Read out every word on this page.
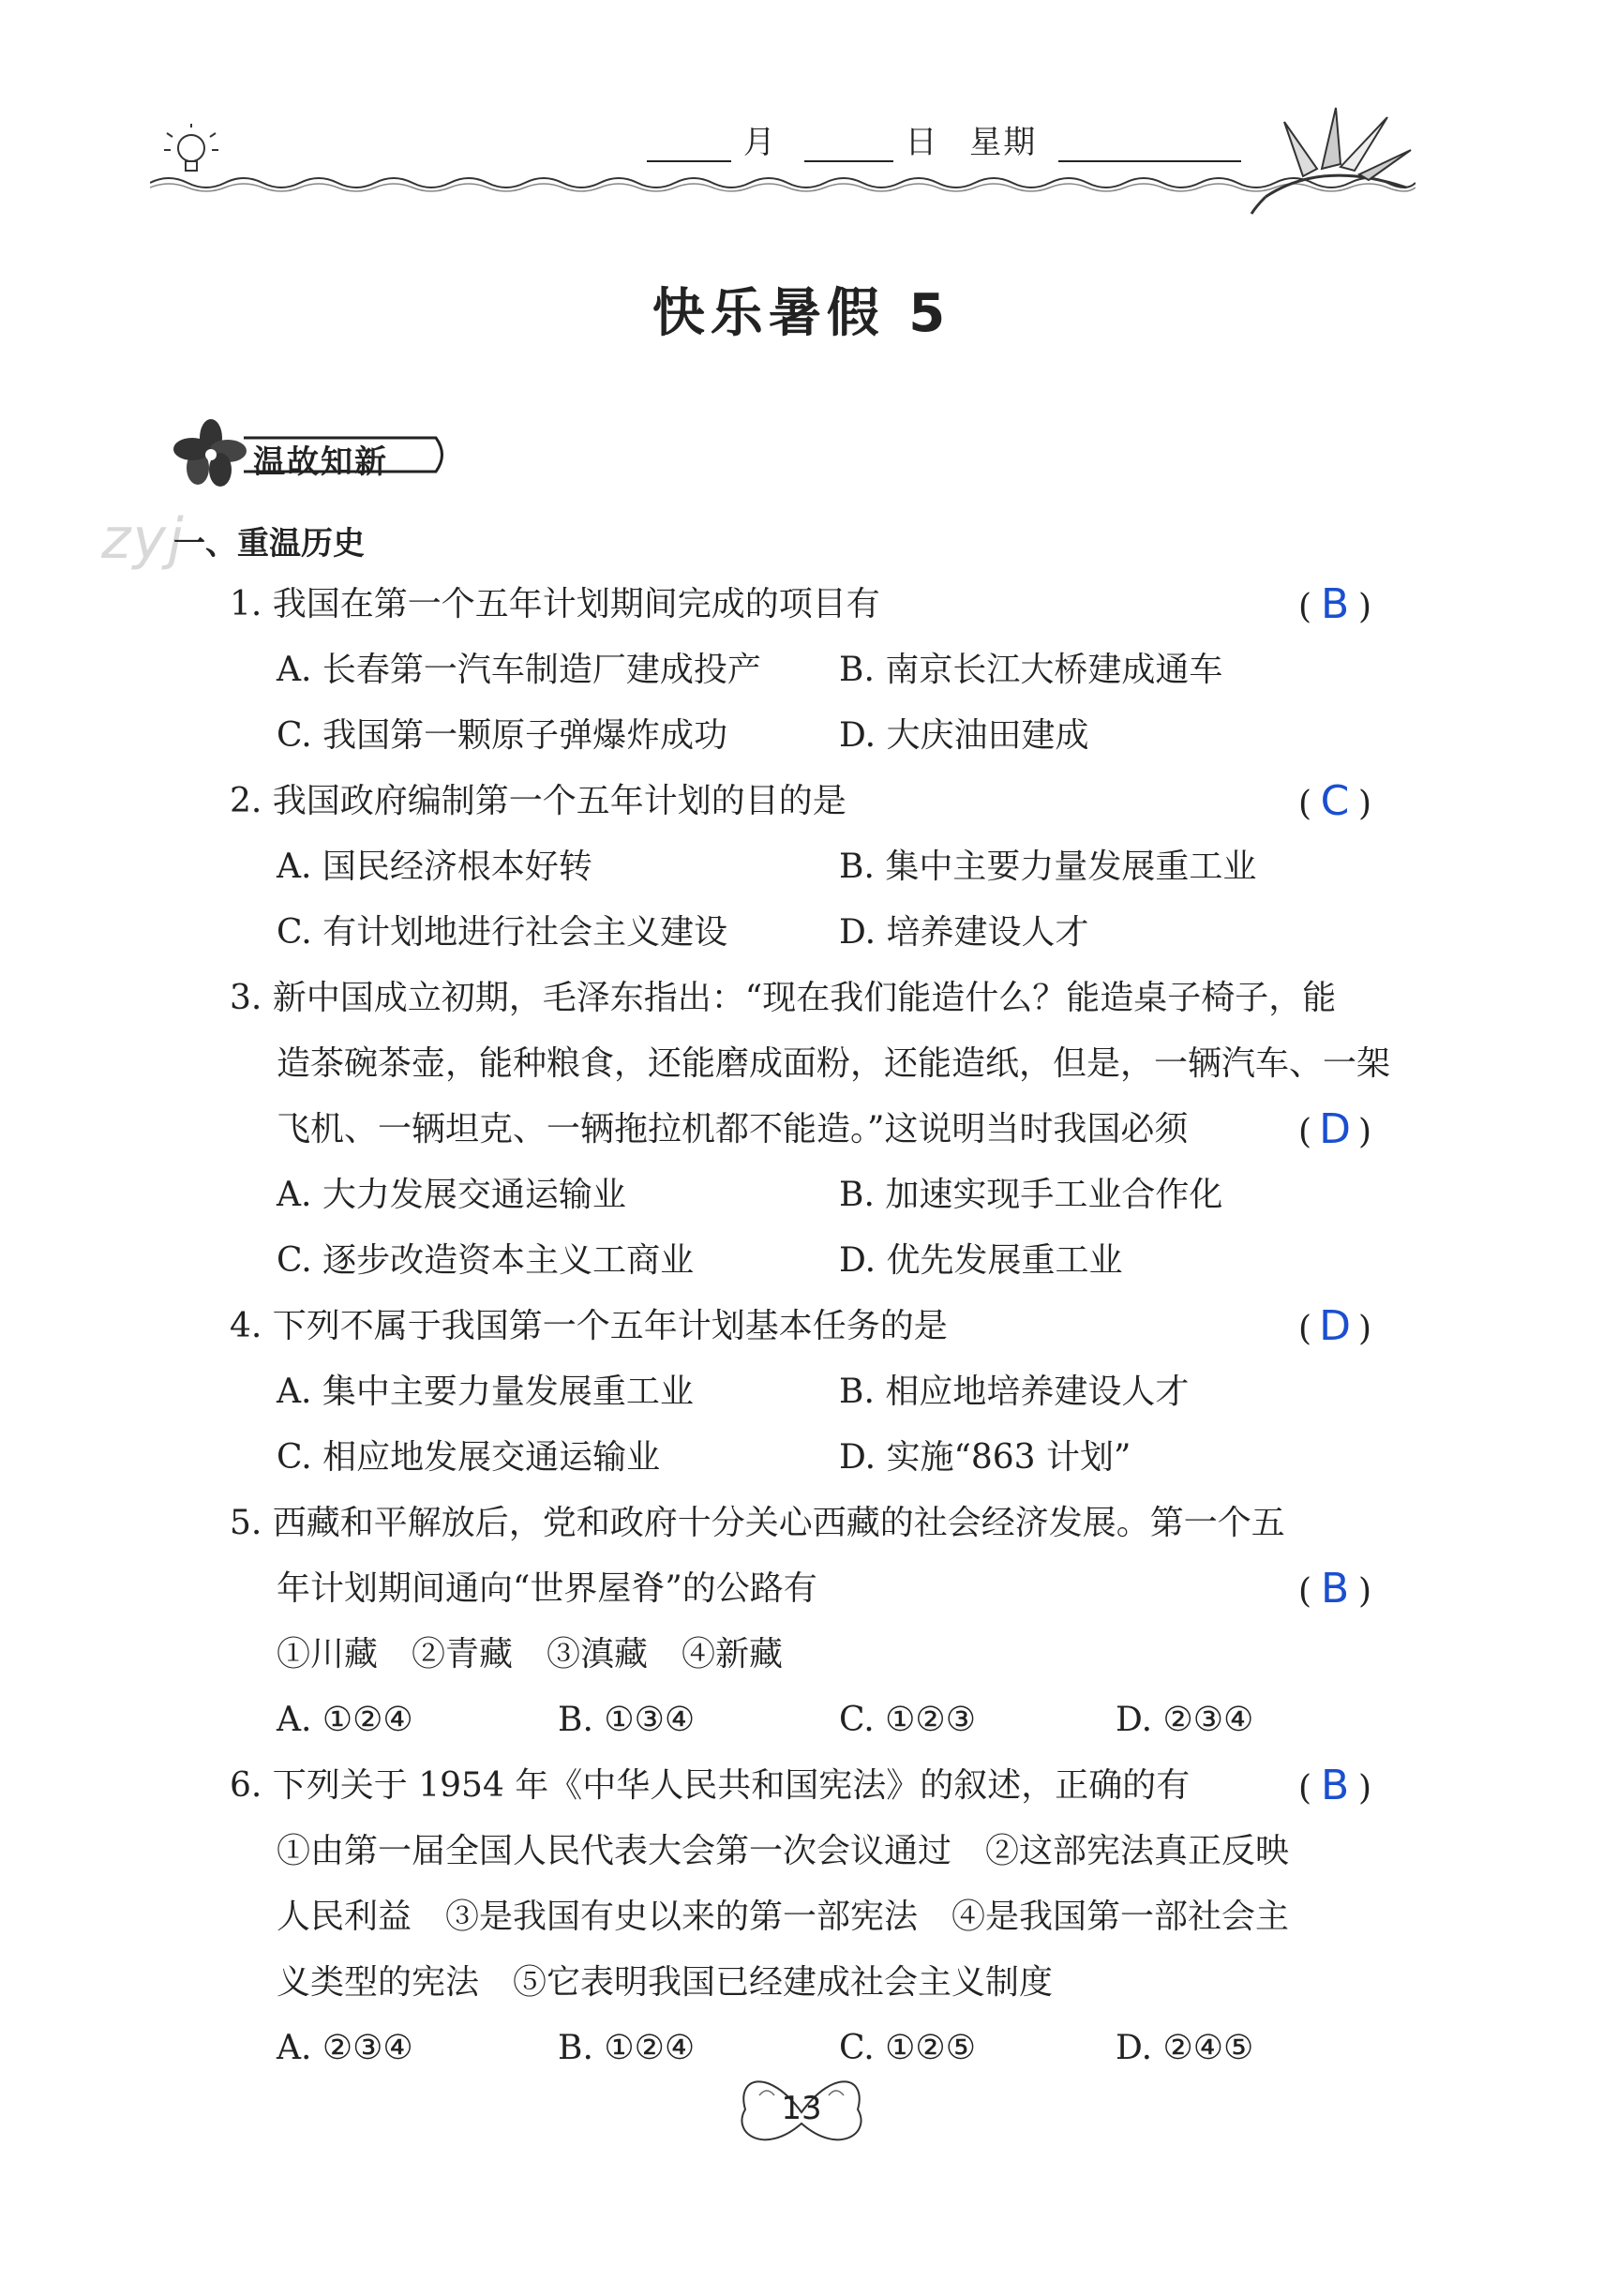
月	日 星期
快乐暑假 5
温故知新
zyj
一、重温历史
1. 我国在第一个五年计划期间完成的项目有	( B )
A. 长春第一汽车制造厂建成投产 B. 南京长江大桥建成通车
C. 我国第一颗原子弹爆炸成功	D. 大庆油田建成
2. 我国政府编制第一个五年计划的目的是	( C )
A. 国民经济根本好转	B. 集中主要力量发展重工业
C. 有计划地进行社会主义建设	D. 培养建设人才
3. 新中国成立初期，毛泽东指出：“现在我们能造什么？能造桌子椅子，能
造茶碗茶壶，能种粮食，还能磨成面粉，还能造纸，但是，一辆汽车、一架
飞机、一辆坦克、一辆拖拉机都不能造。”这说明当时我国必须	( D )
A. 大力发展交通运输业	B. 加速实现手工业合作化
C. 逐步改造资本主义工商业	D. 优先发展重工业
4. 下列不属于我国第一个五年计划基本任务的是	( D )
A. 集中主要力量发展重工业	B. 相应地培养建设人才
C. 相应地发展交通运输业	D. 实施“863 计划”
5. 西藏和平解放后，党和政府十分关心西藏的社会经济发展。第一个五
年计划期间通向“世界屋脊”的公路有	( B )
①川藏　②青藏　③滇藏　④新藏
A. ①②④	B. ①③④	C. ①②③	D. ②③④
6. 下列关于 1954 年《中华人民共和国宪法》的叙述，正确的有	( B )
①由第一届全国人民代表大会第一次会议通过　②这部宪法真正反映
人民利益　③是我国有史以来的第一部宪法　④是我国第一部社会主
义类型的宪法　⑤它表明我国已经建成社会主义制度
A. ②③④	B. ①②④	C. ①②⑤	D. ②④⑤
13
